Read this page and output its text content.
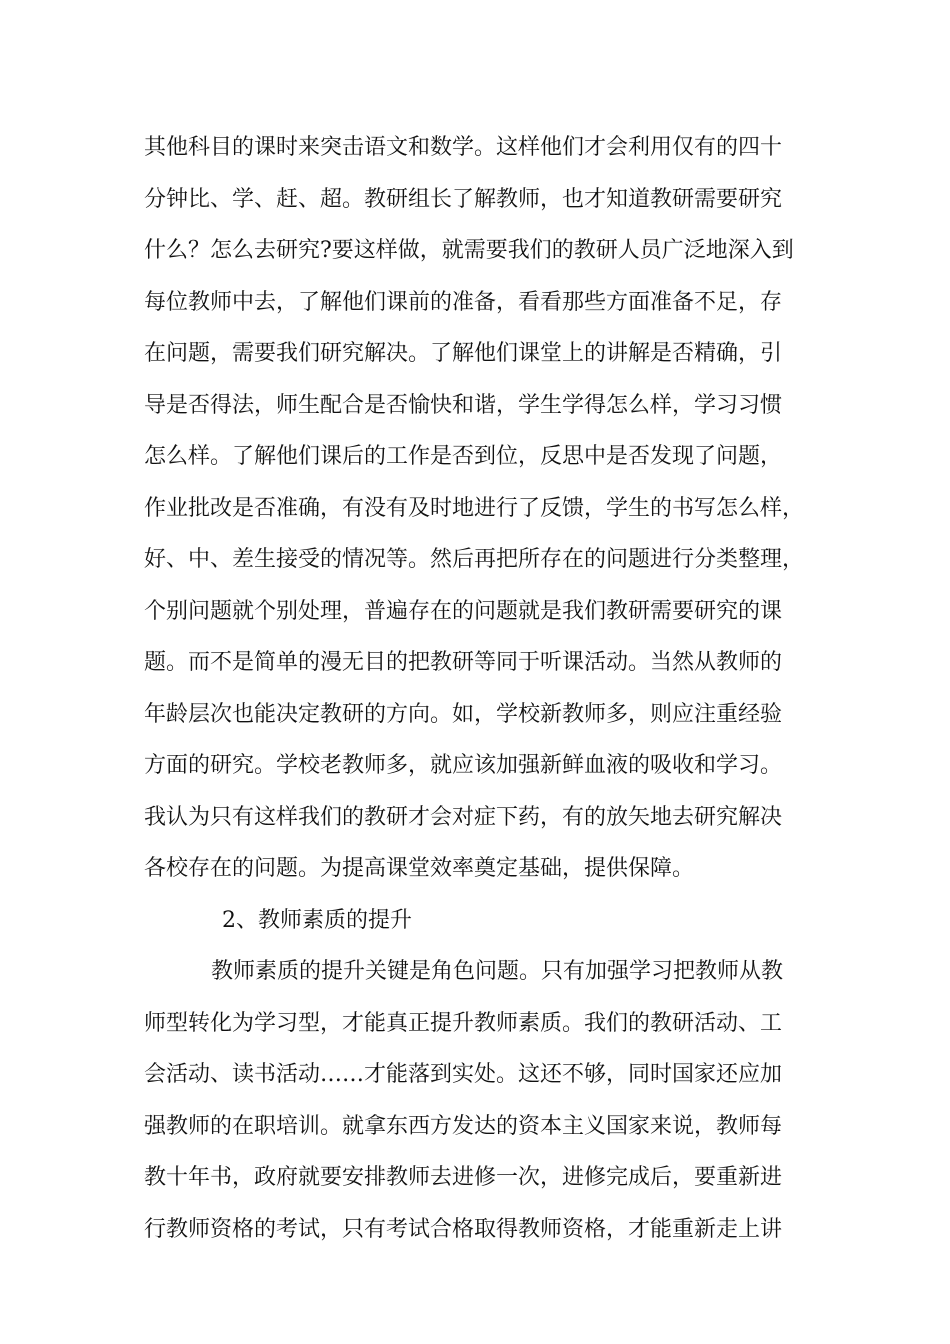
其他科目的课时来突击语文和数学。这样他们才会利用仅有的四十
分钟比、学、赶、超。教研组长了解教师，也才知道教研需要研究
什么？怎么去研究?要这样做，就需要我们的教研人员广泛地深入到
每位教师中去，了解他们课前的准备，看看那些方面准备不足，存
在问题，需要我们研究解决。了解他们课堂上的讲解是否精确，引
导是否得法，师生配合是否愉快和谐，学生学得怎么样，学习习惯
怎么样。了解他们课后的工作是否到位，反思中是否发现了问题，
作业批改是否准确，有没有及时地进行了反馈，学生的书写怎么样，
好、中、差生接受的情况等。然后再把所存在的问题进行分类整理，
个别问题就个别处理，普遍存在的问题就是我们教研需要研究的课
题。而不是简单的漫无目的把教研等同于听课活动。当然从教师的
年龄层次也能决定教研的方向。如，学校新教师多，则应注重经验
方面的研究。学校老教师多，就应该加强新鲜血液的吸收和学习。
我认为只有这样我们的教研才会对症下药，有的放矢地去研究解决
各校存在的问题。为提高课堂效率奠定基础，提供保障。
2、教师素质的提升
教师素质的提升关键是角色问题。只有加强学习把教师从教
师型转化为学习型，才能真正提升教师素质。我们的教研活动、工
会活动、读书活动……才能落到实处。这还不够，同时国家还应加
强教师的在职培训。就拿东西方发达的资本主义国家来说，教师每
教十年书，政府就要安排教师去进修一次，进修完成后，要重新进
行教师资格的考试，只有考试合格取得教师资格，才能重新走上讲
